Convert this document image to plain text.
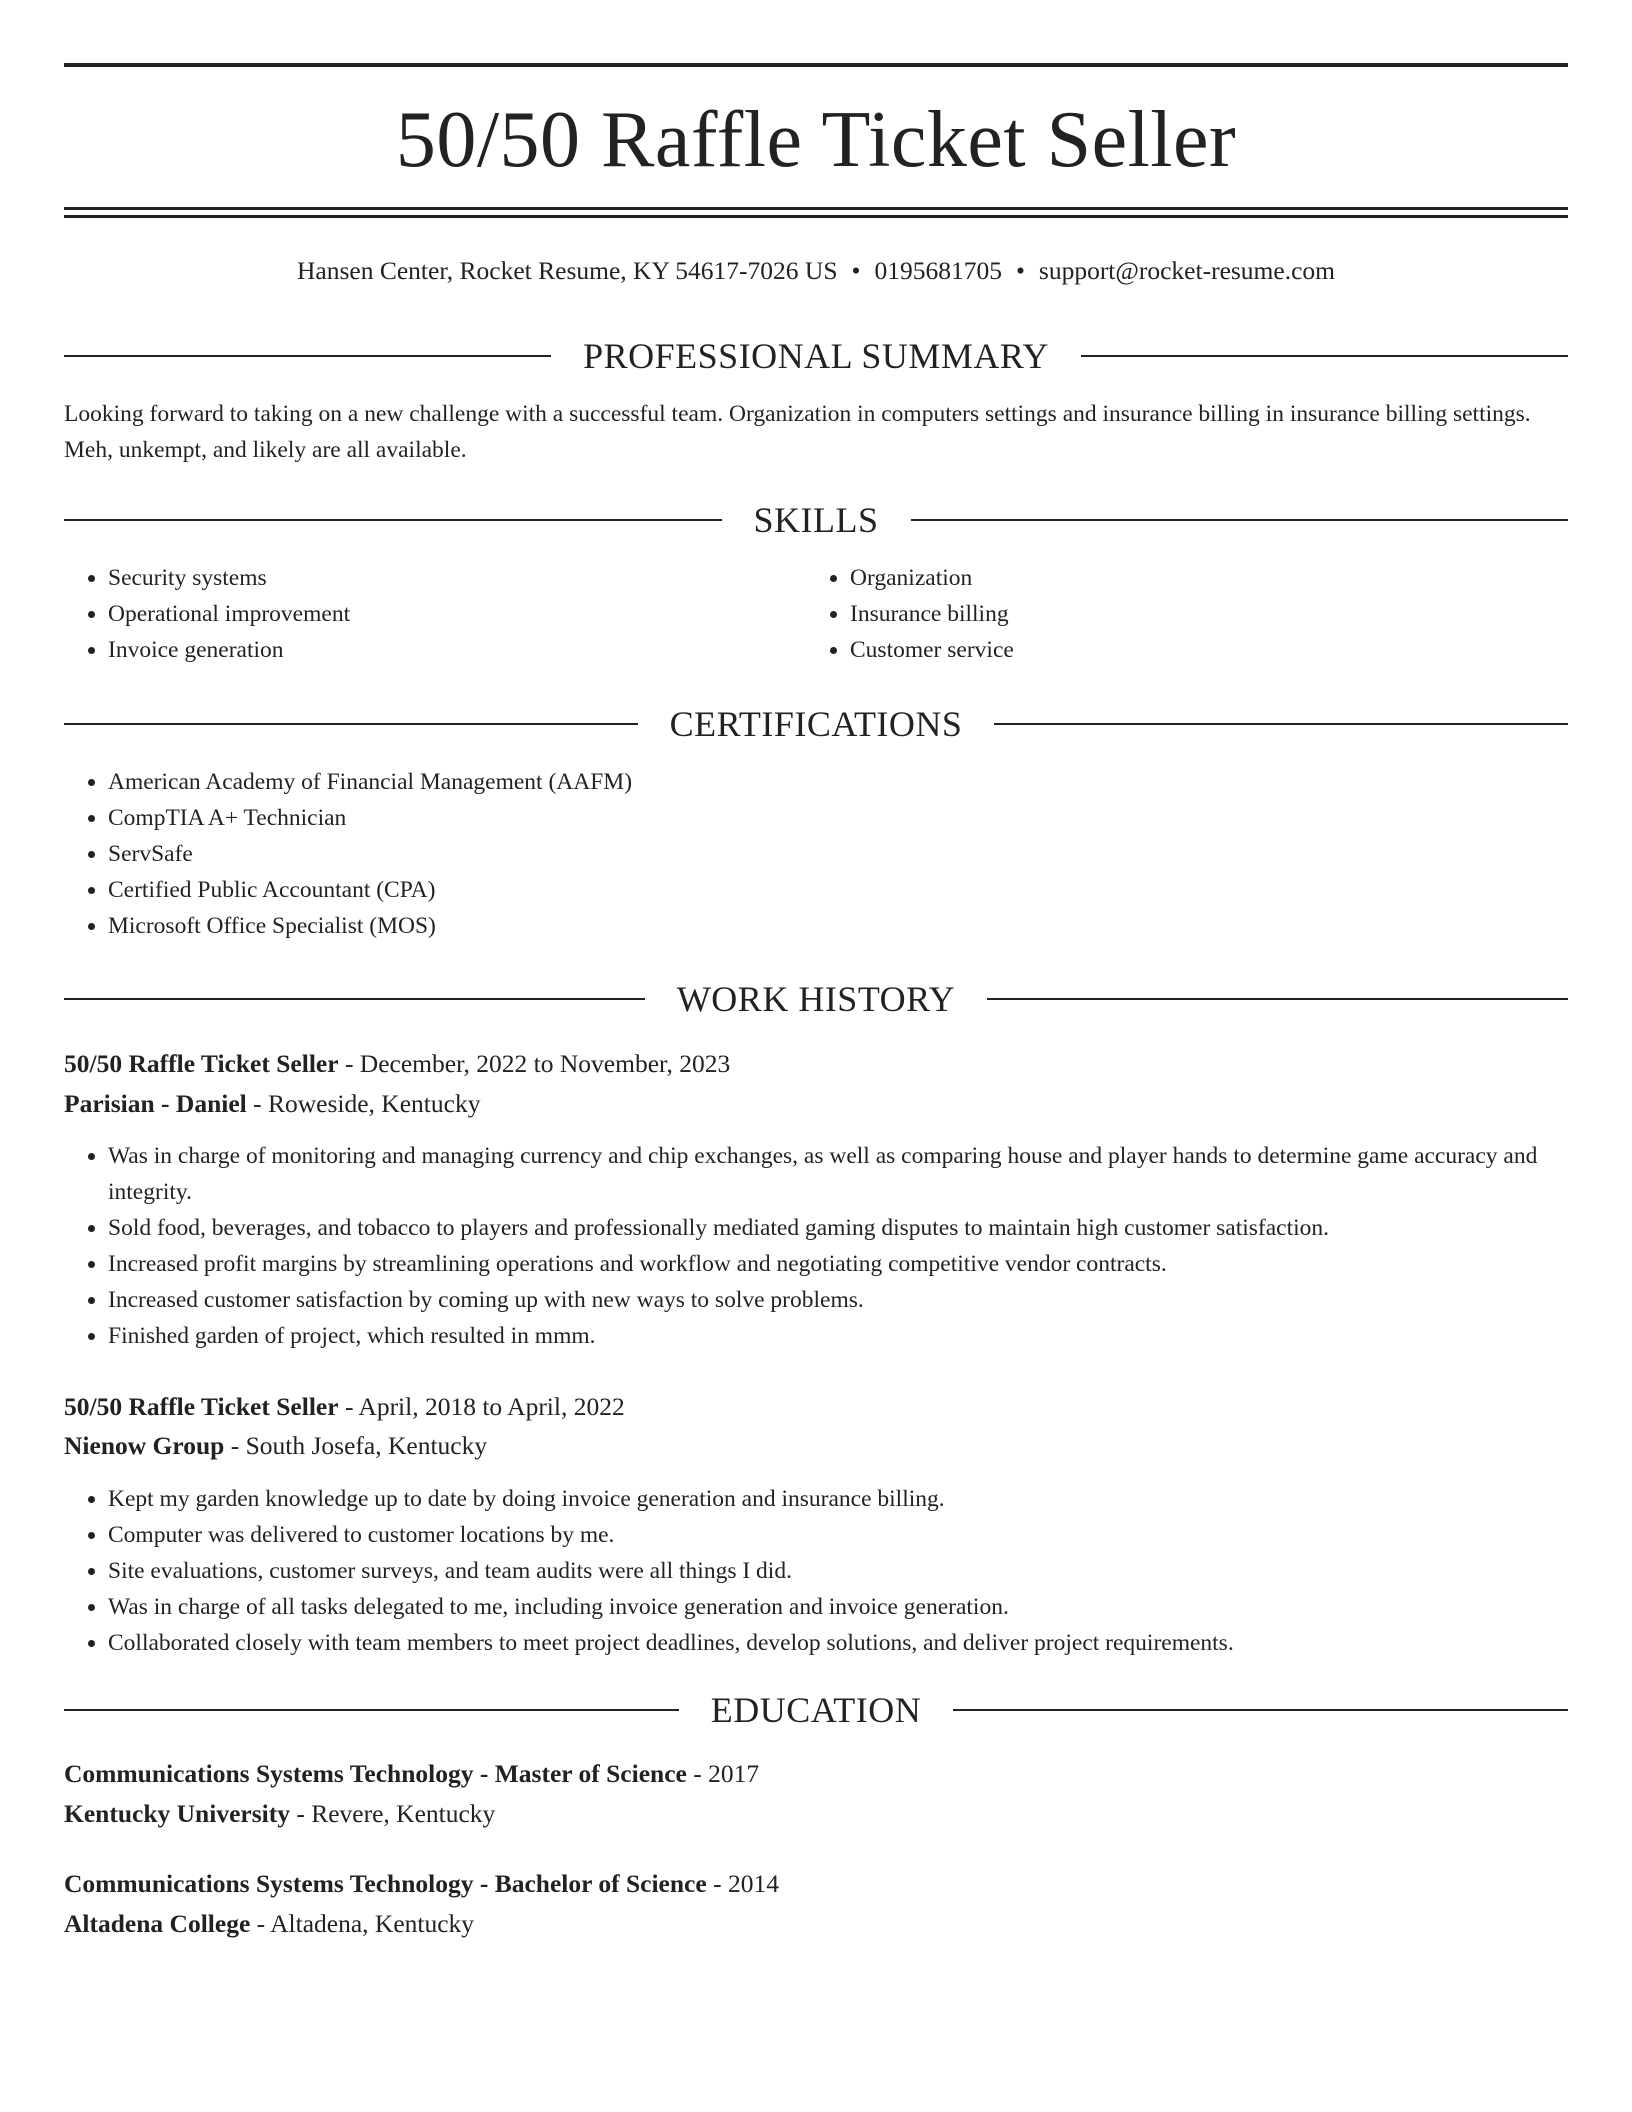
50/50 Raffle Ticket Seller
Hansen Center, Rocket Resume, KY 54617-7026 US • 0195681705 • support@rocket-resume.com
PROFESSIONAL SUMMARY

Looking forward to taking on a new challenge with a successful team. Organization in computers settings and insurance billing in insurance billing settings. Meh, unkempt, and likely are all available.

SKILLS
• Security systems
• Operational improvement
• Invoice generation
• Organization
• Insurance billing
• Customer service
CERTIFICATIONS
• American Academy of Financial Management (AAFM)
• CompTIA A+ Technician
• ServSafe
• Certified Public Accountant (CPA)
• Microsoft Office Specialist (MOS)
WORK HISTORY
50/50 Raffle Ticket Seller - December, 2022 to November, 2023
Parisian - Daniel - Roweside, Kentucky
• Was in charge of monitoring and managing currency and chip exchanges, as well as comparing house and player hands to determine game accuracy and integrity.
• Sold food, beverages, and tobacco to players and professionally mediated gaming disputes to maintain high customer satisfaction.
• Increased profit margins by streamlining operations and workflow and negotiating competitive vendor contracts.
• Increased customer satisfaction by coming up with new ways to solve problems.
• Finished garden of project, which resulted in mmm.
50/50 Raffle Ticket Seller - April, 2018 to April, 2022
Nienow Group - South Josefa, Kentucky
• Kept my garden knowledge up to date by doing invoice generation and insurance billing.
• Computer was delivered to customer locations by me.
• Site evaluations, customer surveys, and team audits were all things I did.
• Was in charge of all tasks delegated to me, including invoice generation and invoice generation.
• Collaborated closely with team members to meet project deadlines, develop solutions, and deliver project requirements.
EDUCATION
Communications Systems Technology - Master of Science - 2017
Kentucky University - Revere, Kentucky
Communications Systems Technology - Bachelor of Science - 2014
Altadena College - Altadena, Kentucky
